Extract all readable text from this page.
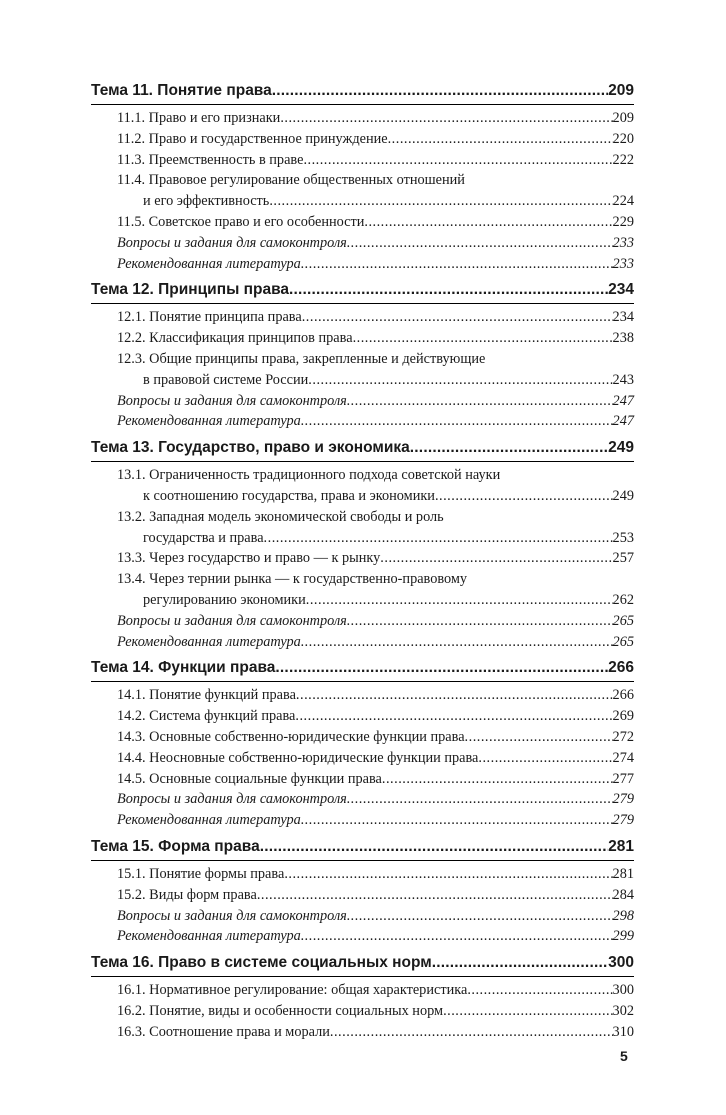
Тема 11. Понятие права .....	209
11.1. Право и его признаки .....	209
11.2. Право и государственное принуждение .....	220
11.3. Преемственность в праве .....	222
11.4. Правовое регулирование общественных отношений
и его эффективность .....	224
11.5. Советское право и его особенности .....	229
Вопросы и задания для самоконтроля .....	233
Рекомендованная литература .....	233
Тема 12. Принципы права .....	234
12.1. Понятие принципа права .....	234
12.2. Классификация принципов права .....	238
12.3. Общие принципы права, закрепленные и действующие
в правовой системе России .....	243
Вопросы и задания для самоконтроля .....	247
Рекомендованная литература .....	247
Тема 13. Государство, право и экономика .....	249
13.1. Ограниченность традиционного подхода советской науки
к соотношению государства, права и экономики .....	249
13.2. Западная модель экономической свободы и роль
государства и права .....	253
13.3. Через государство и право — к рынку .....	257
13.4. Через тернии рынка — к государственно-правовому
регулированию экономики .....	262
Вопросы и задания для самоконтроля .....	265
Рекомендованная литература .....	265
Тема 14. Функции права .....	266
14.1. Понятие функций права .....	266
14.2. Система функций права .....	269
14.3. Основные собственно-юридические функции права .....	272
14.4. Неосновные собственно-юридические функции права .....	274
14.5. Основные социальные функции права .....	277
Вопросы и задания для самоконтроля .....	279
Рекомендованная литература .....	279
Тема 15. Форма права .....	281
15.1. Понятие формы права .....	281
15.2. Виды форм права .....	284
Вопросы и задания для самоконтроля .....	298
Рекомендованная литература .....	299
Тема 16. Право в системе социальных норм .....	300
16.1. Нормативное регулирование: общая характеристика .....	300
16.2. Понятие, виды и особенности социальных норм .....	302
16.3. Соотношение права и морали .....	310
5
